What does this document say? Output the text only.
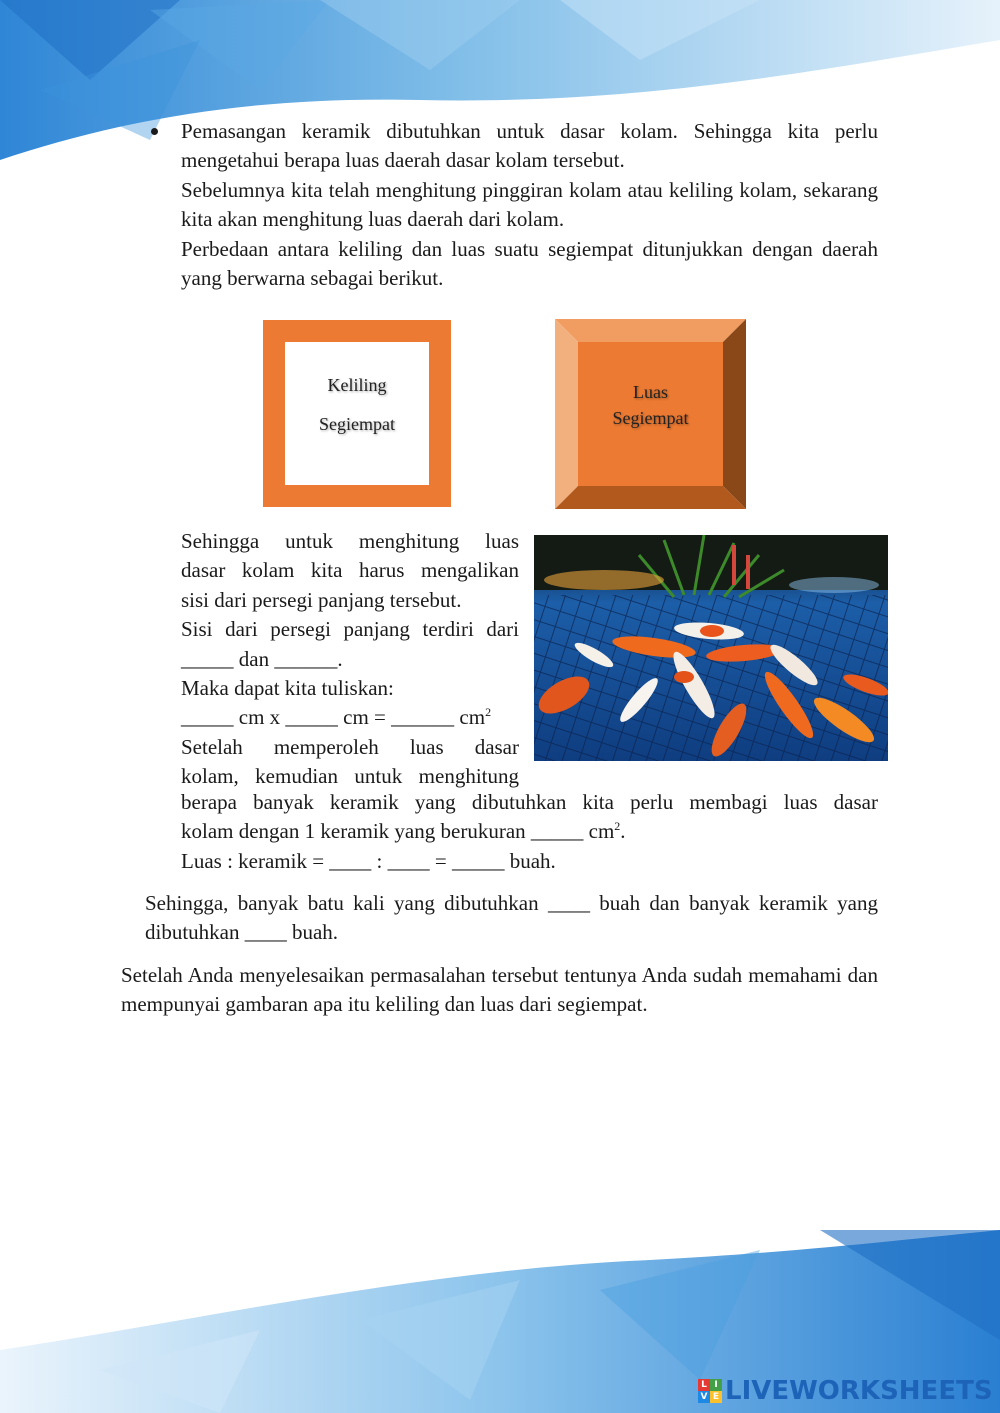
Pemasangan keramik dibutuhkan untuk dasar kolam. Sehingga kita perlu mengetahui berapa luas daerah dasar kolam tersebut.

Sebelumnya kita telah menghitung pinggiran kolam atau keliling kolam, sekarang kita akan menghitung luas daerah dari kolam.

Perbedaan antara keliling dan luas suatu segiempat ditunjukkan dengan daerah yang berwarna sebagai berikut.

Keliling
Segiempat
Luas
Segiempat

Sehingga untuk menghitung luas

dasar kolam kita harus mengalikan

sisi dari persegi panjang tersebut.

Sisi dari persegi panjang terdiri dari

_____ dan ______.

Maka dapat kita tuliskan:

_____ cm x _____ cm = ______ $cm^2$

Setelah memperoleh luas dasar

kolam, kemudian untuk menghitung

berapa banyak keramik yang dibutuhkan kita perlu membagi luas dasar

kolam dengan 1 keramik yang berukuran _____ $cm^2$.

Luas : keramik = ____ : ____ = _____ buah.

Sehingga, banyak batu kali yang dibutuhkan ____ buah dan banyak keramik yang dibutuhkan ____ buah.

Setelah Anda menyelesaikan permasalahan tersebut tentunya Anda sudah memahami dan mempunyai gambaran apa itu keliling dan luas dari segiempat.

L I
V E LIVEWORKSHEETS
